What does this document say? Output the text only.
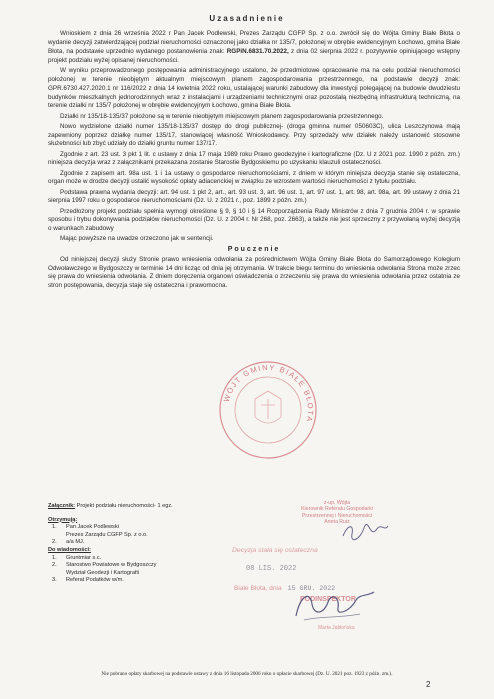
Uzasadnienie

Wnioskiem z dnia 26 września 2022 r Pan Jacek Podlewski, Prezes Zarządu CGFP Sp. z o.o. zwrócił się do Wójta Gminy Białe Błota o wydanie decyzji zatwierdzającej podział nieruchomości oznaczonej jako działka nr 135/7, położonej w obrębie ewidencyjnym Łochowo, gmina Białe Błota, na podstawie uprzednio wydanego postanowienia znak: RGPiN.6831.70.2022, z dnia 02 sierpnia 2022 r. pozytywnie opiniującego wstępny projekt podziału wyżej opisanej nieruchomości.

W wyniku przeprowadzonego postępowania administracyjnego ustalono, że przedmiotowe opracowanie ma na celu podział nieruchomości położonej w terenie nieobjętym aktualnym miejscowym planem zagospodarowania przestrzennego, na podstawie decyzji znak: GPR.6730.427.2020.1 nr 116/2022 z dnia 14 kwietnia 2022 roku, ustalającej warunki zabudowy dla inwestycji polegającej na budowie dwudziestu budynków mieszkalnych jednorodzinnych wraz z instalacjami i urządzeniami technicznymi oraz pozostałą niezbędną infrastrukturą techniczną, na terenie działki nr 135/7 położonej w obrębie ewidencyjnym Łochowo, gmina Białe Błota.

Działki nr 135/18-135/37 położone są w terenie nieobjętym miejscowym planem zagospodarowania przestrzennego.

Nowo wydzielone działki numer 135/18-135/37 dostęp do drogi publicznej- (droga gminna numer 050603C), ulica Leszczynowa mają zapewniony poprzez działkę numer 135/17, stanowiącej własność Wnioskodawcy. Przy sprzedaży w/w działek należy ustanowić stosowne służebności lub zbyć udziały do działki gruntu numer 137/17.

Zgodnie z art. 23 ust. 3 pkt 1 lit. c ustawy z dnia 17 maja 1989 roku Prawo geodezyjne i kartograficzne (Dz. U z 2021 poz. 1990 z późn. zm.) niniejsza decyzja wraz z załącznikami przekazana zostanie Starostie Bydgoskiemu po uzyskaniu klauzuli ostateczności.

Zgodnie z zapisem art. 98a ust. 1 i 1a ustawy o gospodarce nieruchomościami, z dniem w którym niniejsza decyzja stanie się ostateczna, organ może w drodze decyzji ustalić wysokość opłaty adiacenckiej w związku ze wzrostem wartości nieruchomości z tytułu podziału.

Podstawa prawna wydania decyzji: art. 94 ust. 1 pkt 2, art., art. 93 ust. 3, art. 96 ust. 1, art. 97 ust. 1, art. 98, art. 98a, art. 99 ustawy z dnia 21 sierpnia 1997 roku o gospodarce nieruchomościami (Dz. U. z 2021 r., poz. 1899 z późn. zm.)

Przedłożony projekt podziału spełnia wymogi określone § 9, § 10 i § 14 Rozporządzenia Rady Ministrów z dnia 7 grudnia 2004 r. w sprawie sposobu i trybu dokonywania podziałów nieruchomości (Dz. U. z 2004 r. Nr 268, poz. 2663), a także nie jest sprzeczny z przywołaną wyżej decyzją o warunkach zabudowy

Mając powyższe na uwadze orzeczono jak w sentencji.

Pouczenie

Od niniejszej decyzji służy Stronie prawo wniesienia odwołania za pośrednictwem Wójta Gminy Białe Błota do Samorządowego Kolegium Odwoławczego w Bydgoszczy w terminie 14 dni licząc od dnia jej otrzymania. W trakcie biegu terminu do wniesienia odwołania Strona może zrzec się prawa do wniesienia odwołania. Z dniem doręczenia organowi oświadczenia o zrzeczeniu się prawa do wniesienia odwołania przez ostatnia ze stron postępowania, decyzja staje się ostateczna i prawomocna.

WÓJT GMINY BIAŁE BŁOTA
Załącznik: Projekt podziału nieruchomości- 1 egz.
Otrzymują:
1.	Pan Jacek Podlewski
Prezes Zarządu CGFP Sp. z o.o.
2.	a/a MJ.
Do wiadomości:
1.	Gruntmiar s.c.
2.	Starostwo Powiatowe w Bydgoszczy
Wydział Geodezji i Kartografii
3.	Referat Podatków w/m.
z-up. Wójta
Kierownik Referatu Gospodarki
Przestrzennej i Nieruchomości
Aneta Ruiz
Decyzja stała się ostateczna
08 LIS. 2022
Białe Błota, dnia 15 GRU. 2022
PODINSPEKTOR
Marta Jabłońska
Nie pobrano opłaty skarbowej na podstawie ustawy z dnia 16 listopada 2006 roku o opłacie skarbowej (Dz. U. 2021 poz. 1923 z późn. zm.).
2
